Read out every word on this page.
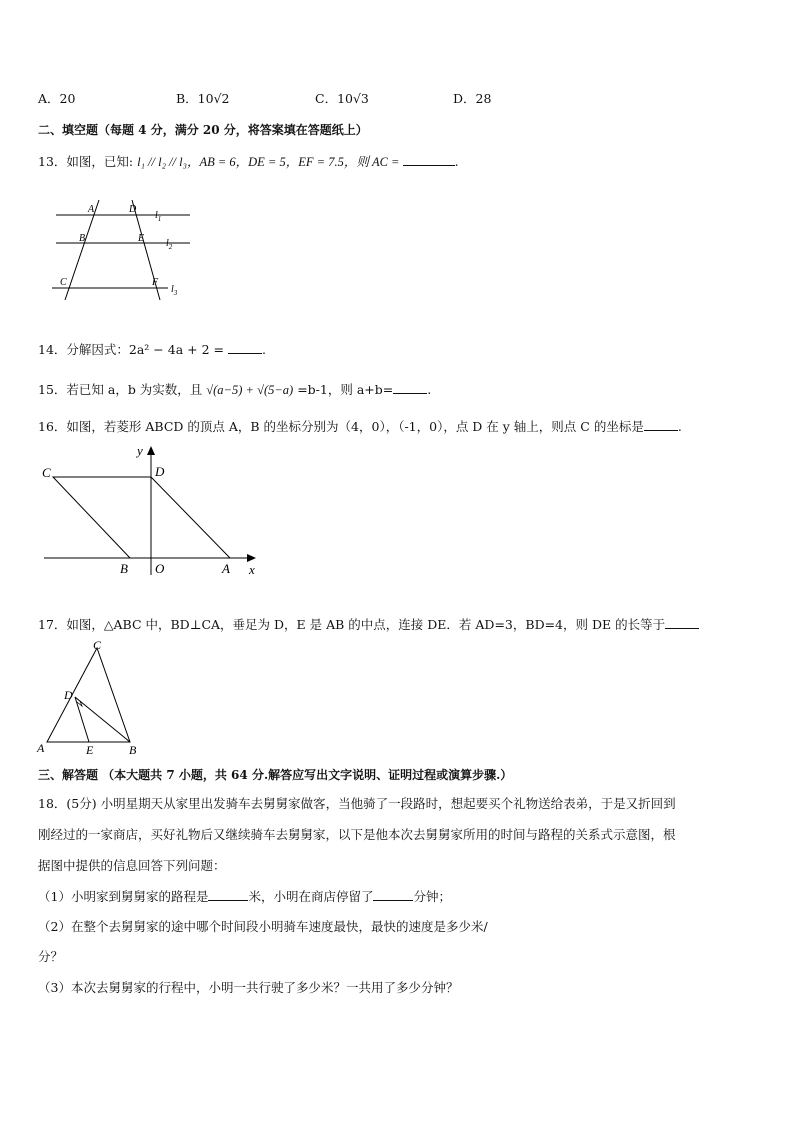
A．20	B．10√2	C．10√3	D．28
二、填空题（每题 4 分，满分 20 分，将答案填在答题纸上）
13．如图，已知: l₁ // l₂ // l₃，AB = 6，DE = 5，EF = 7.5，则 AC =	.
A	D
B	E
C	F
$l_1$
$l_2$
$l_3$
14．分解因式：2a² − 4a + 2 =	.
15．若已知 a，b 为实数，且 √(a−5) + √(5−a) =b-1，则 a+b=	.
16．如图，若菱形 ABCD 的顶点 A，B 的坐标分别为（4，0），（-1，0），点 D 在 y 轴上，则点 C 的坐标是	.
C	D
B O	A x
y
17．如图，△ABC 中，BD⊥CA，垂足为 D，E 是 AB 的中点，连接 DE．若 AD=3，BD=4，则 DE 的长等于
C
D
A	E	B
三、解答题 （本大题共 7 小题，共 64 分.解答应写出文字说明、证明过程或演算步骤.）
18．(5分) 小明星期天从家里出发骑车去舅舅家做客，当他骑了一段路时，想起要买个礼物送给表弟，于是又折回到
刚经过的一家商店，买好礼物后又继续骑车去舅舅家，以下是他本次去舅舅家所用的时间与路程的关系式示意图，根
据图中提供的信息回答下列问题：
（1）小明家到舅舅家的路程是	米，小明在商店停留了	分钟；
（2）在整个去舅舅家的途中哪个时间段小明骑车速度最快，最快的速度是多少米/
分？
（3）本次去舅舅家的行程中，小明一共行驶了多少米？一共用了多少分钟？
